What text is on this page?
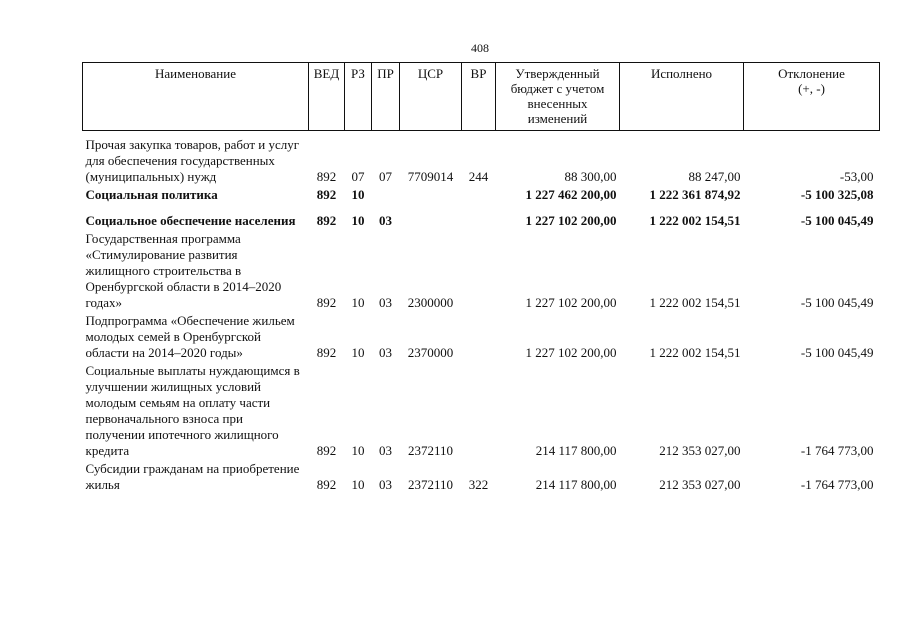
408
Наименование	ВЕД	РЗ	ПР	ЦСР	ВР	Утвержденный бюджет с учетом внесенных изменений	Исполнено	Отклонение (+, -)
Прочая закупка товаров, работ и услуг для обеспечения государственных (муниципальных) нужд	892	07	07	7709014	244	88 300,00	88 247,00	-53,00
Социальная политика	892	10				1 227 462 200,00	1 222 361 874,92	-5 100 325,08
Социальное обеспечение населения	892	10	03			1 227 102 200,00	1 222 002 154,51	-5 100 045,49
Государственная программа «Стимулирование развития жилищного строительства в Оренбургской области в 2014–2020 годах»	892	10	03	2300000		1 227 102 200,00	1 222 002 154,51	-5 100 045,49
Подпрограмма «Обеспечение жильем молодых семей в Оренбургской области на 2014–2020 годы»	892	10	03	2370000		1 227 102 200,00	1 222 002 154,51	-5 100 045,49
Социальные выплаты нуждающимся в улучшении жилищных условий молодым семьям на оплату части первоначального взноса при получении ипотечного жилищного кредита	892	10	03	2372110		214 117 800,00	212 353 027,00	-1 764 773,00
Субсидии гражданам на приобретение жилья	892	10	03	2372110	322	214 117 800,00	212 353 027,00	-1 764 773,00
